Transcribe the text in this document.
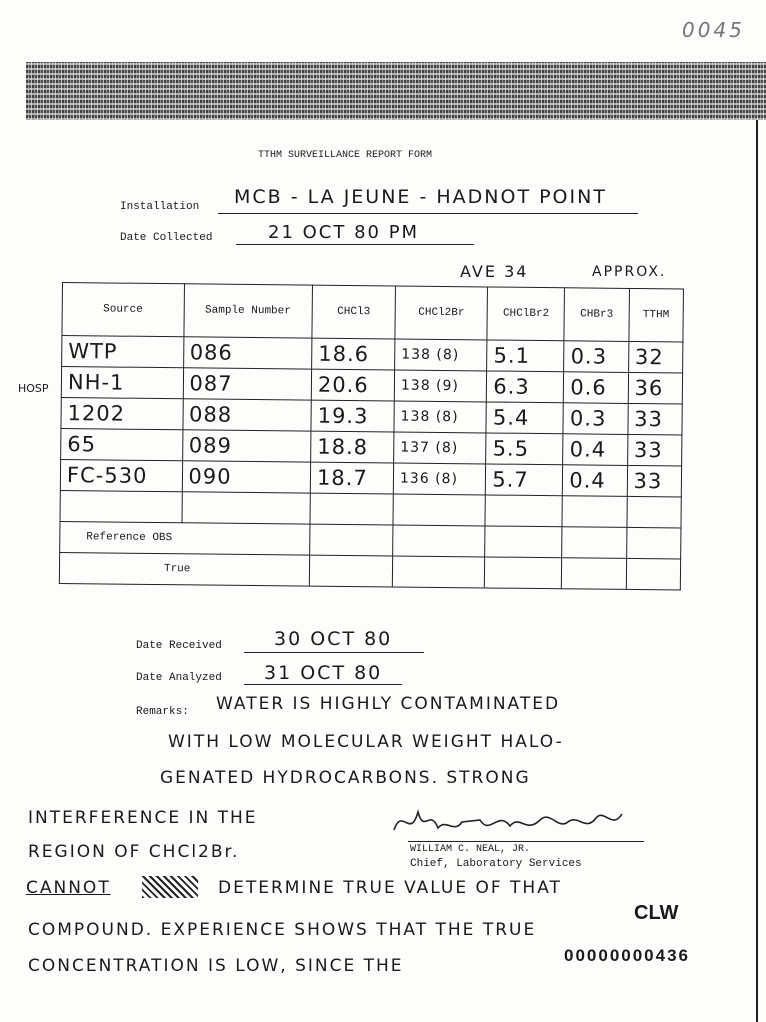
0045
TTHM SURVEILLANCE REPORT FORM
Installation MCB - LA JEUNE - HADNOT POINT
Date Collected	21 OCT 80 PM
AVE 34	APPROX.
HOSP
Source	Sample Number	CHCl3	CHCl2Br	CHClBr2	CHBr3	TTHM
WTP	086	18.6	138 (8)	5.1	0.3	32
NH-1	087	20.6	138 (9)	6.3	0.6	36
1202	088	19.3	138 (8)	5.4	0.3	33
65	089	18.8	137 (8)	5.5	0.4	33
FC-530	090	18.7	136 (8)	5.7	0.4	33

Reference OBS						
True						
Date Received	30 OCT 80
Date Analyzed 31 OCT 80
Remarks: WATER IS HIGHLY CONTAMINATED
WITH LOW MOLECULAR WEIGHT HALO-
GENATED HYDROCARBONS. STRONG
INTERFERENCE IN THE
REGION OF CHCl2Br.
CANNOT	DETERMINE TRUE VALUE OF THAT
COMPOUND. EXPERIENCE SHOWS THAT THE TRUE
CONCENTRATION IS LOW, SINCE THE
WILLIAM C. NEAL, JR.
Chief, Laboratory Services
CLW
00000000436
